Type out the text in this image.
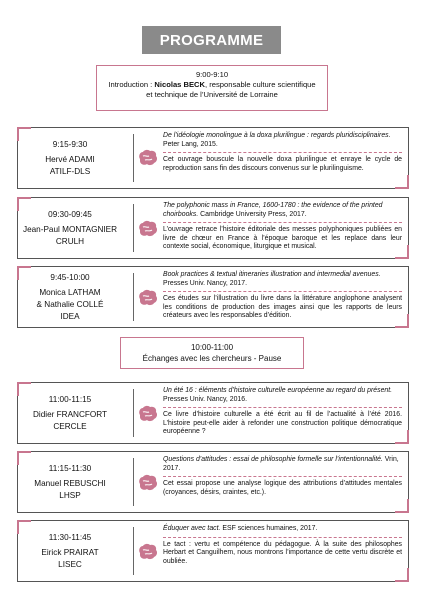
PROGRAMME
9:00-9:10
Introduction : Nicolas BECK, responsable culture scientifique
et technique de l’Université de Lorraine
9:15-9:30
Hervé ADAMI
ATILF-DLS
De l’idéologie monolingue à la doxa plurilingue : regards pluridisciplinaires. Peter Lang, 2015.
Cet ouvrage bouscule la nouvelle doxa plurilingue et enraye le cycle de reproduction sans fin des discours convenus sur le plurilinguisme.
09:30-09:45
Jean-Paul MONTAGNIER
CRULH
The polyphonic mass in France, 1600-1780 : the evidence of the printed choirbooks. Cambridge University Press, 2017.
L’ouvrage retrace l’histoire éditoriale des messes polyphoniques publiées en livre de chœur en France à l’époque baroque et les replace dans leur contexte social, économique, liturgique et musical.
9:45-10:00
Monica LATHAM
& Nathalie COLLÉ
IDEA
Book practices & textual itineraries illustration and intermedial avenues. Presses Univ. Nancy, 2017.
Ces études sur l’illustration du livre dans la littérature anglophone analysent les conditions de production des images ainsi que les rapports de leurs créateurs avec les responsables d’édition.
10:00-11:00
Échanges avec les chercheurs - Pause
11:00-11:15
Didier FRANCFORT
CERCLE
Un été 16 : éléments d’histoire culturelle européenne au regard du présent. Presses Univ. Nancy, 2016.
Ce livre d’histoire culturelle a été écrit au fil de l’actualité à l’été 2016. L’histoire peut-elle aider à refonder une construction politique démocratique européenne ?
11:15-11:30
Manuel REBUSCHI
LHSP
Questions d’attitudes : essai de philosophie formelle sur l’intentionnalité. Vrin, 2017.
Cet essai propose une analyse logique des attributions d’attitudes mentales (croyances, désirs, craintes, etc.).
11:30-11:45
Eirick PRAIRAT
LISEC
Éduquer avec tact. ESF sciences humaines, 2017.
Le tact : vertu et compétence du pédagogue. À la suite des philosophes Herbart et Canguilhem, nous montrons l’importance de cette vertu discrète et oubliée.
